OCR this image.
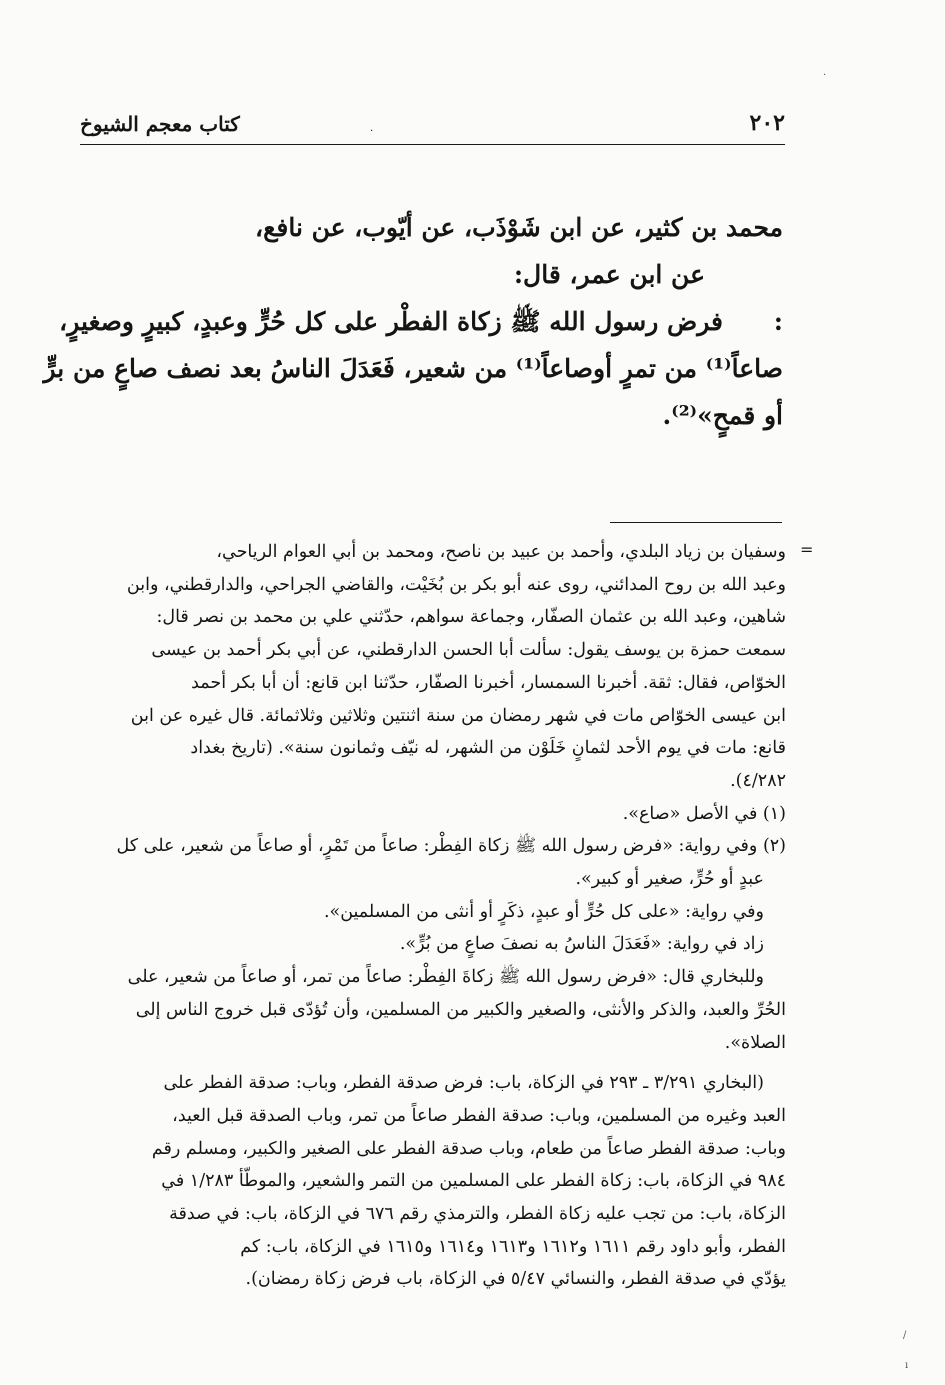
كتاب معجم الشيوخ	·	٢٠٢
محمد بن كثير، عن ابن شَوْذَب، عن أيّوب، عن نافع،
عن ابن عمر، قال:
:
فرض رسول الله ﷺ زكاة الفطْر على كل حُرٍّ وعبدٍ، كبيرٍ وصغيرٍ،
صاعاً⁽¹⁾ من تمرٍ أوصاعاً⁽¹⁾ من شعير، فَعَدَلَ الناسُ بعد نصف صاعٍ من برٍّ
أو قمحٍ»⁽²⁾.
=
وسفيان بن زياد البلدي، وأحمد بن عبيد بن ناصح، ومحمد بن أبي العوام الرياحي،
وعبد الله بن روح المدائني، روى عنه أبو بكر بن بُخَيْت، والقاضي الجراحي، والدارقطني، وابن
شاهين، وعبد الله بن عثمان الصفّار، وجماعة سواهم، حدّثني علي بن محمد بن نصر قال:
سمعت حمزة بن يوسف يقول: سألت أبا الحسن الدارقطني، عن أبي بكر أحمد بن عيسى
الخوّاص، فقال: ثقة. أخبرنا السمسار، أخبرنا الصفّار، حدّثنا ابن قانع: أن أبا بكر أحمد
ابن عيسى الخوّاص مات في شهر رمضان من سنة اثنتين وثلاثين وثلاثمائة. قال غيره عن ابن
قانع: مات في يوم الأحد لثمانٍ خَلَوْن من الشهر، له نيّف وثمانون سنة». (تاريخ بغداد
٤/٢٨٢).
(١) في الأصل «صاع».
(٢) وفي رواية: «فرض رسول الله ﷺ زكاة الفِطْر: صاعاً من تَمْرٍ، أو صاعاً من شعير، على كل
عبدٍ أو حُرٍّ، صغير أو كبير».
وفي رواية: «على كل حُرٍّ أو عبدٍ، ذكَرٍ أو أنثى من المسلمين».
زاد في رواية: «فَعَدَلَ الناسُ به نصفَ صاعٍ من بُرٍّ».
وللبخاري قال: «فرض رسول الله ﷺ زكاةَ الفِطْر: صاعاً من تمر، أو صاعاً من شعير، على
الحُرِّ والعبد، والذكر والأنثى، والصغير والكبير من المسلمين، وأن تُؤدّى قبل خروج الناس إلى
الصلاة».
(البخاري ٣/٢٩١ ـ ٢٩٣ في الزكاة، باب: فرض صدقة الفطر، وباب: صدقة الفطر على
العبد وغيره من المسلمين، وباب: صدقة الفطر صاعاً من تمر، وباب الصدقة قبل العيد،
وباب: صدقة الفطر صاعاً من طعام، وباب صدقة الفطر على الصغير والكبير، ومسلم رقم
٩٨٤ في الزكاة، باب: زكاة الفطر على المسلمين من التمر والشعير، والموطّأ ١/٢٨٣ في
الزكاة، باب: من تجب عليه زكاة الفطر، والترمذي رقم ٦٧٦ في الزكاة، باب: في صدقة
الفطر، وأبو داود رقم ١٦١١ و١٦١٢ و١٦١٣ و١٦١٤ و١٦١٥ في الزكاة، باب: كم
يؤدّي في صدقة الفطر، والنسائي ٥/٤٧ في الزكاة، باب فرض زكاة رمضان).
·
/
ı
